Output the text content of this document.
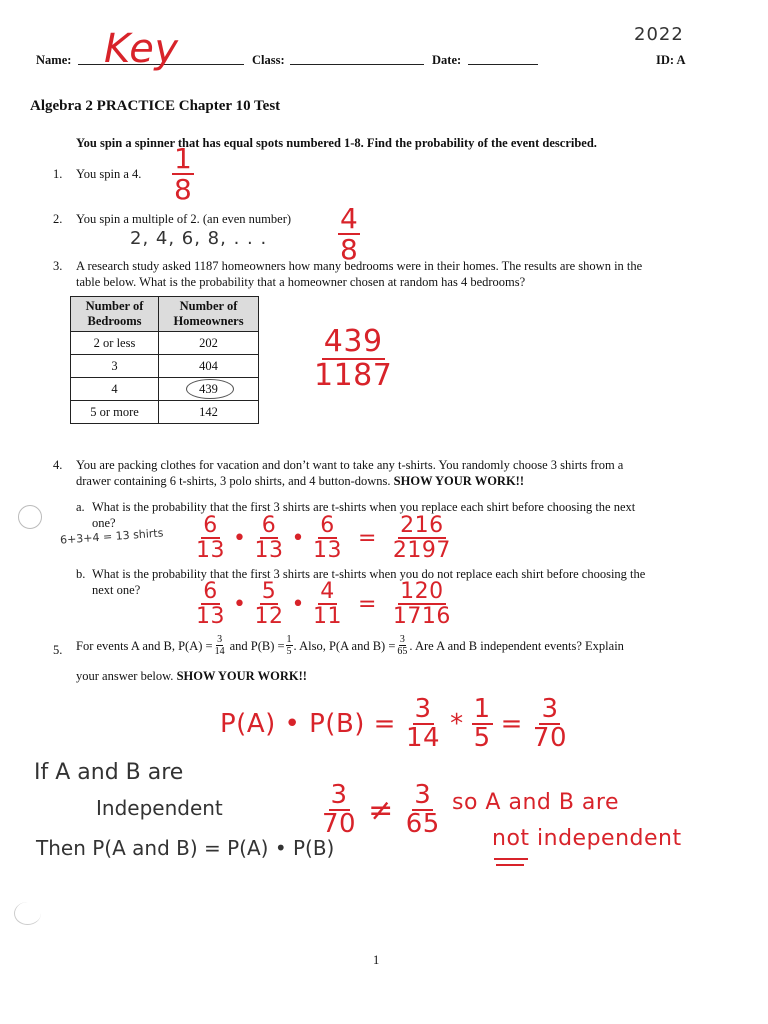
Name: Key	Class:	Date:	ID: A
2022
Algebra 2 PRACTICE Chapter 10 Test
You spin a spinner that has equal spots numbered 1-8. Find the probability of the event described.
1. You spin a 4. $\frac{1}{8}$
2. You spin a multiple of 2. (an even number)
2, 4, 6, 8, . . .	$\frac{4}{8}$
3. A research study asked 1187 homeowners how many bedrooms were in their homes. The results are shown in the
table below. What is the probability that a homeowner chosen at random has 4 bedrooms?
Number of Bedrooms	Number of Homeowners
2 or less	202
3	404
4	439
5 or more	142
$\frac{439}{1187}$
4. You are packing clothes for vacation and don’t want to take any t-shirts. You randomly choose 3 shirts from a
drawer containing 6 t-shirts, 3 polo shirts, and 4 button-downs. SHOW YOUR WORK!!
a. What is the probability that the first 3 shirts are t-shirts when you replace each shirt before choosing the next
one?
6+3+4 = 13 shirts $\frac{6}{13}$ • $\frac{6}{13}$ • $\frac{6}{13} = \frac{216}{2197}$
b. What is the probability that the first 3 shirts are t-shirts when you do not replace each shirt before choosing the
next one? $\frac{6}{13}$ • $\frac{5}{12}$ • $\frac{4}{11} = \frac{120}{1716}$
5. For events A and B, $P(A) = \frac{3}{14}$ and $P(B) = \frac{1}{5}$ . Also, P(A and $B) = \frac{3}{65}$ . Are A and B independent events? Explain
your answer below. SHOW YOUR WORK!!
P(A) • $P(B) = \frac{3}{14} * \frac{1}{5} = \frac{3}{70}$
If A and B are
Independent
Then P(A and B) = P(A) • P(B)
$\frac{3}{70} \ne \frac{3}{65}$ so A and B are
not independent
1
